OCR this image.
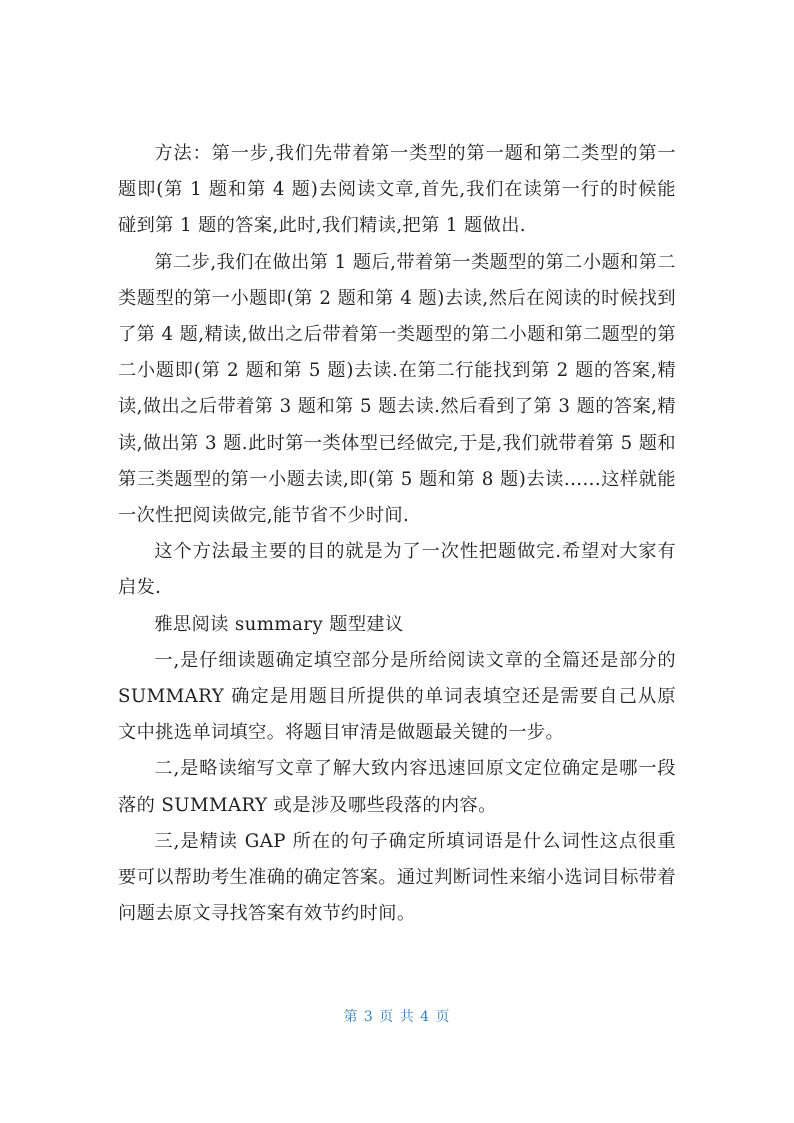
方法：第一步,我们先带着第一类型的第一题和第二类型的第一题即(第 1 题和第 4 题)去阅读文章,首先,我们在读第一行的时候能碰到第 1 题的答案,此时,我们精读,把第 1 题做出.

第二步,我们在做出第 1 题后,带着第一类题型的第二小题和第二类题型的第一小题即(第 2 题和第 4 题)去读,然后在阅读的时候找到了第 4 题,精读,做出之后带着第一类题型的第二小题和第二题型的第二小题即(第 2 题和第 5 题)去读.在第二行能找到第 2 题的答案,精读,做出之后带着第 3 题和第 5 题去读.然后看到了第 3 题的答案,精读,做出第 3 题.此时第一类体型已经做完,于是,我们就带着第 5 题和第三类题型的第一小题去读,即(第 5 题和第 8 题)去读......这样就能一次性把阅读做完,能节省不少时间.

这个方法最主要的目的就是为了一次性把题做完.希望对大家有启发.

雅思阅读 summary 题型建议

一,是仔细读题确定填空部分是所给阅读文章的全篇还是部分的 SUMMARY 确定是用题目所提供的单词表填空还是需要自己从原文中挑选单词填空。将题目审清是做题最关键的一步。

二,是略读缩写文章了解大致内容迅速回原文定位确定是哪一段落的 SUMMARY 或是涉及哪些段落的内容。

三,是精读 GAP 所在的句子确定所填词语是什么词性这点很重要可以帮助考生准确的确定答案。通过判断词性来缩小选词目标带着问题去原文寻找答案有效节约时间。

第 3 页 共 4 页
